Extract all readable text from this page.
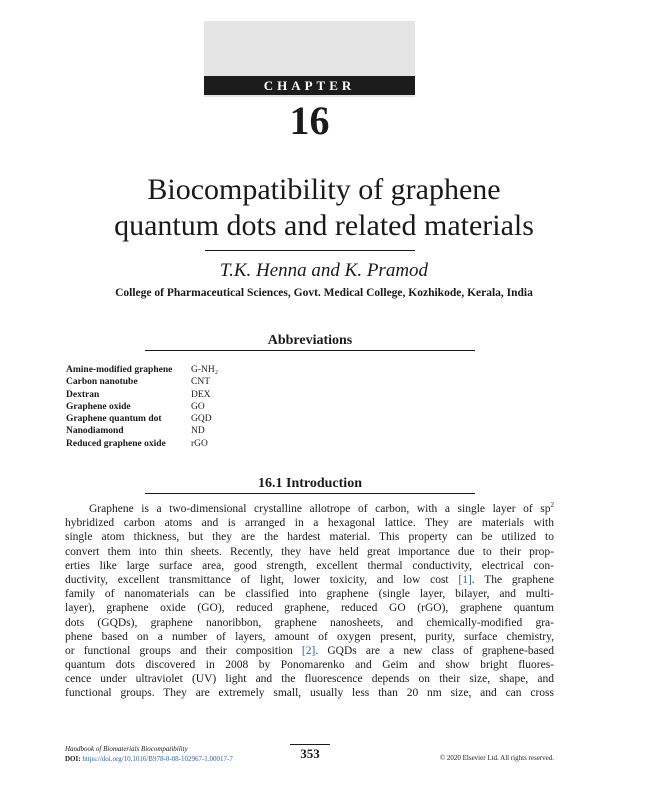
CHAPTER
16
Biocompatibility of graphene
quantum dots and related materials
T.K. Henna and K. Pramod
College of Pharmaceutical Sciences, Govt. Medical College, Kozhikode, Kerala, India
Abbreviations
Amine-modified graphene G-NH₂
Carbon nanotube	CNT
Dextran	DEX
Graphene oxide	GO
Graphene quantum dot	GQD
Nanodiamond	ND
Reduced graphene oxide	rGO
16.1 Introduction
Graphene is a two-dimensional crystalline allotrope of carbon, with a single layer of $sp^2$
hybridized carbon atoms and is arranged in a hexagonal lattice. They are materials with
single atom thickness, but they are the hardest material. This property can be utilized to
convert them into thin sheets. Recently, they have held great importance due to their prop-
erties like large surface area, good strength, excellent thermal conductivity, electrical con-
ductivity, excellent transmittance of light, lower toxicity, and low cost [1]. The graphene
family of nanomaterials can be classified into graphene (single layer, bilayer, and multi-
layer), graphene oxide (GO), reduced graphene, reduced GO (rGO), graphene quantum
dots (GQDs), graphene nanoribbon, graphene nanosheets, and chemically-modified gra-
phene based on a number of layers, amount of oxygen present, purity, surface chemistry,
or functional groups and their composition [2]. GQDs are a new class of graphene-based
quantum dots discovered in 2008 by Ponomarenko and Geim and show bright fluores-
cence under ultraviolet (UV) light and the fluorescence depends on their size, shape, and
functional groups. They are extremely small, usually less than 20 nm size, and can cross
Handbook of Biomaterials Biocompatibility
DOI: https://doi.org/10.1016/B978-0-08-102967-1.00017-7	353	© 2020 Elsevier Ltd. All rights reserved.
